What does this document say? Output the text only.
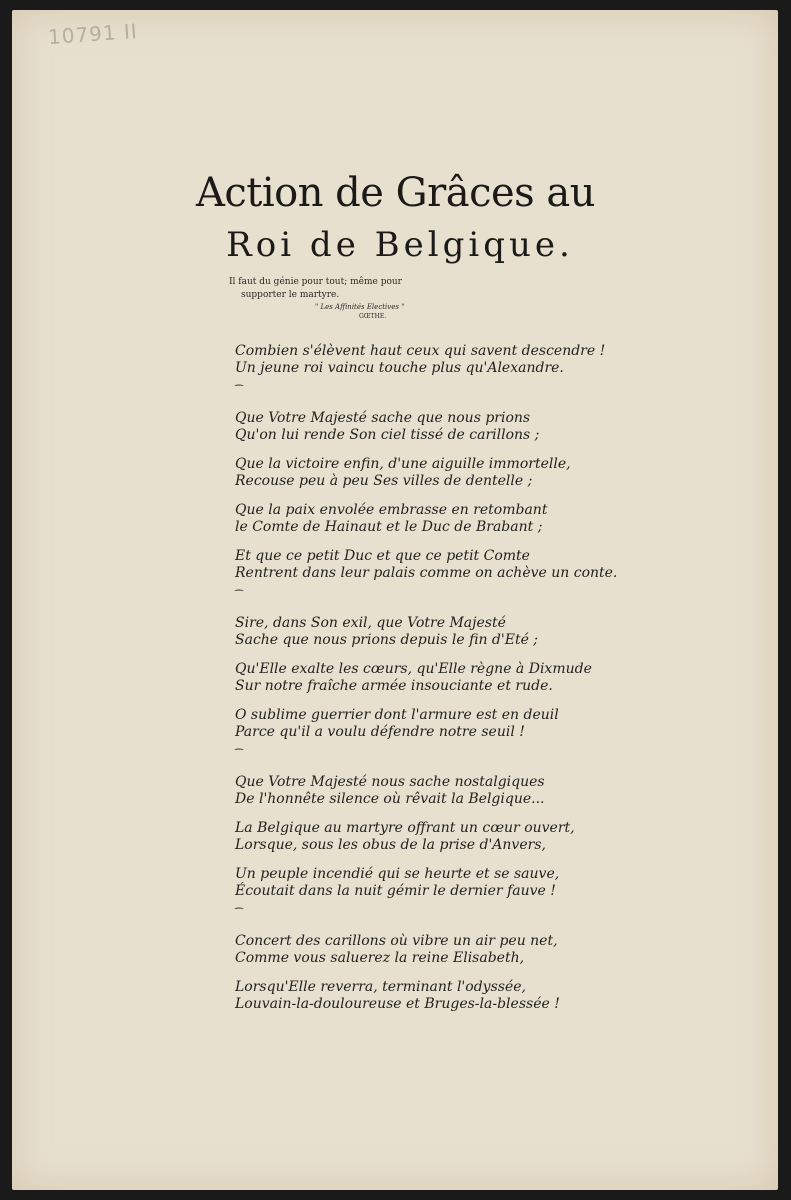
10791 II
Action de Grâces au
Roi de Belgique.
Il faut du génie pour tout; même pour
supporter le martyre.
" Les Affinités Electives "
GŒTHE.
Combien s'élèvent haut ceux qui savent descendre !
Un jeune roi vaincu touche plus qu'Alexandre.
⁀
Que Votre Majesté sache que nous prions
Qu'on lui rende Son ciel tissé de carillons ;
Que la victoire enfin, d'une aiguille immortelle,
Recouse peu à peu Ses villes de dentelle ;
Que la paix envolée embrasse en retombant
le Comte de Hainaut et le Duc de Brabant ;
Et que ce petit Duc et que ce petit Comte
Rentrent dans leur palais comme on achève un conte.
⁀
Sire, dans Son exil, que Votre Majesté
Sache que nous prions depuis le fin d'Eté ;
Qu'Elle exalte les cœurs, qu'Elle règne à Dixmude
Sur notre fraîche armée insouciante et rude.
O sublime guerrier dont l'armure est en deuil
Parce qu'il a voulu défendre notre seuil !
⁀
Que Votre Majesté nous sache nostalgiques
De l'honnête silence où rêvait la Belgique...
La Belgique au martyre offrant un cœur ouvert,
Lorsque, sous les obus de la prise d'Anvers,
Un peuple incendié qui se heurte et se sauve,
Écoutait dans la nuit gémir le dernier fauve !
⁀
Concert des carillons où vibre un air peu net,
Comme vous saluerez la reine Elisabeth,
Lorsqu'Elle reverra, terminant l'odyssée,
Louvain-la-douloureuse et Bruges-la-blessée !
